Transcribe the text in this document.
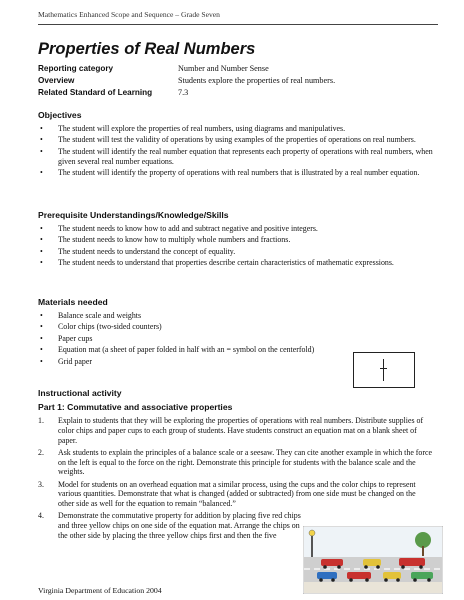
Mathematics Enhanced Scope and Sequence – Grade Seven
Properties of Real Numbers
Reporting category	Number and Number Sense
Overview	Students explore the properties of real numbers.
Related Standard of Learning	7.3
Objectives
• The student will explore the properties of real numbers, using diagrams and manipulatives.
• The student will test the validity of operations by using examples of the properties of operations on real numbers.
• The student will identify the real number equation that represents each property of operations with real numbers, when given several real number equations.
• The student will identify the property of operations with real numbers that is illustrated by a real number equation.
Prerequisite Understandings/Knowledge/Skills
• The student needs to know how to add and subtract negative and positive integers.
• The student needs to know how to multiply whole numbers and fractions.
• The student needs to understand the concept of equality.
• The student needs to understand that properties describe certain characteristics of mathematic expressions.
Materials needed
• Balance scale and weights
• Color chips (two-sided counters)
• Paper cups
• Equation mat (a sheet of paper folded in half with an = symbol on the centerfold)
• Grid paper
Instructional activity
Part 1: Commutative and associative properties
1. Explain to students that they will be exploring the properties of operations with real numbers. Distribute supplies of color chips and paper cups to each group of students. Have students construct an equation mat on a blank sheet of paper.
2. Ask students to explain the principles of a balance scale or a seesaw. They can cite another example in which the force on the left is equal to the force on the right. Demonstrate this principle for students with the balance scale and the weights.
3. Model for students on an overhead equation mat a similar process, using the cups and the color chips to represent various quantities. Demonstrate that what is changed (added or subtracted) from one side must be changed on the other side as well for the equation to remain “balanced.”
4. Demonstrate the commutative property for addition by placing five red chips and three yellow chips on one side of the equation mat. Arrange the chips on the other side by placing the three yellow chips first and then the five
Virginia Department of Education 2004
